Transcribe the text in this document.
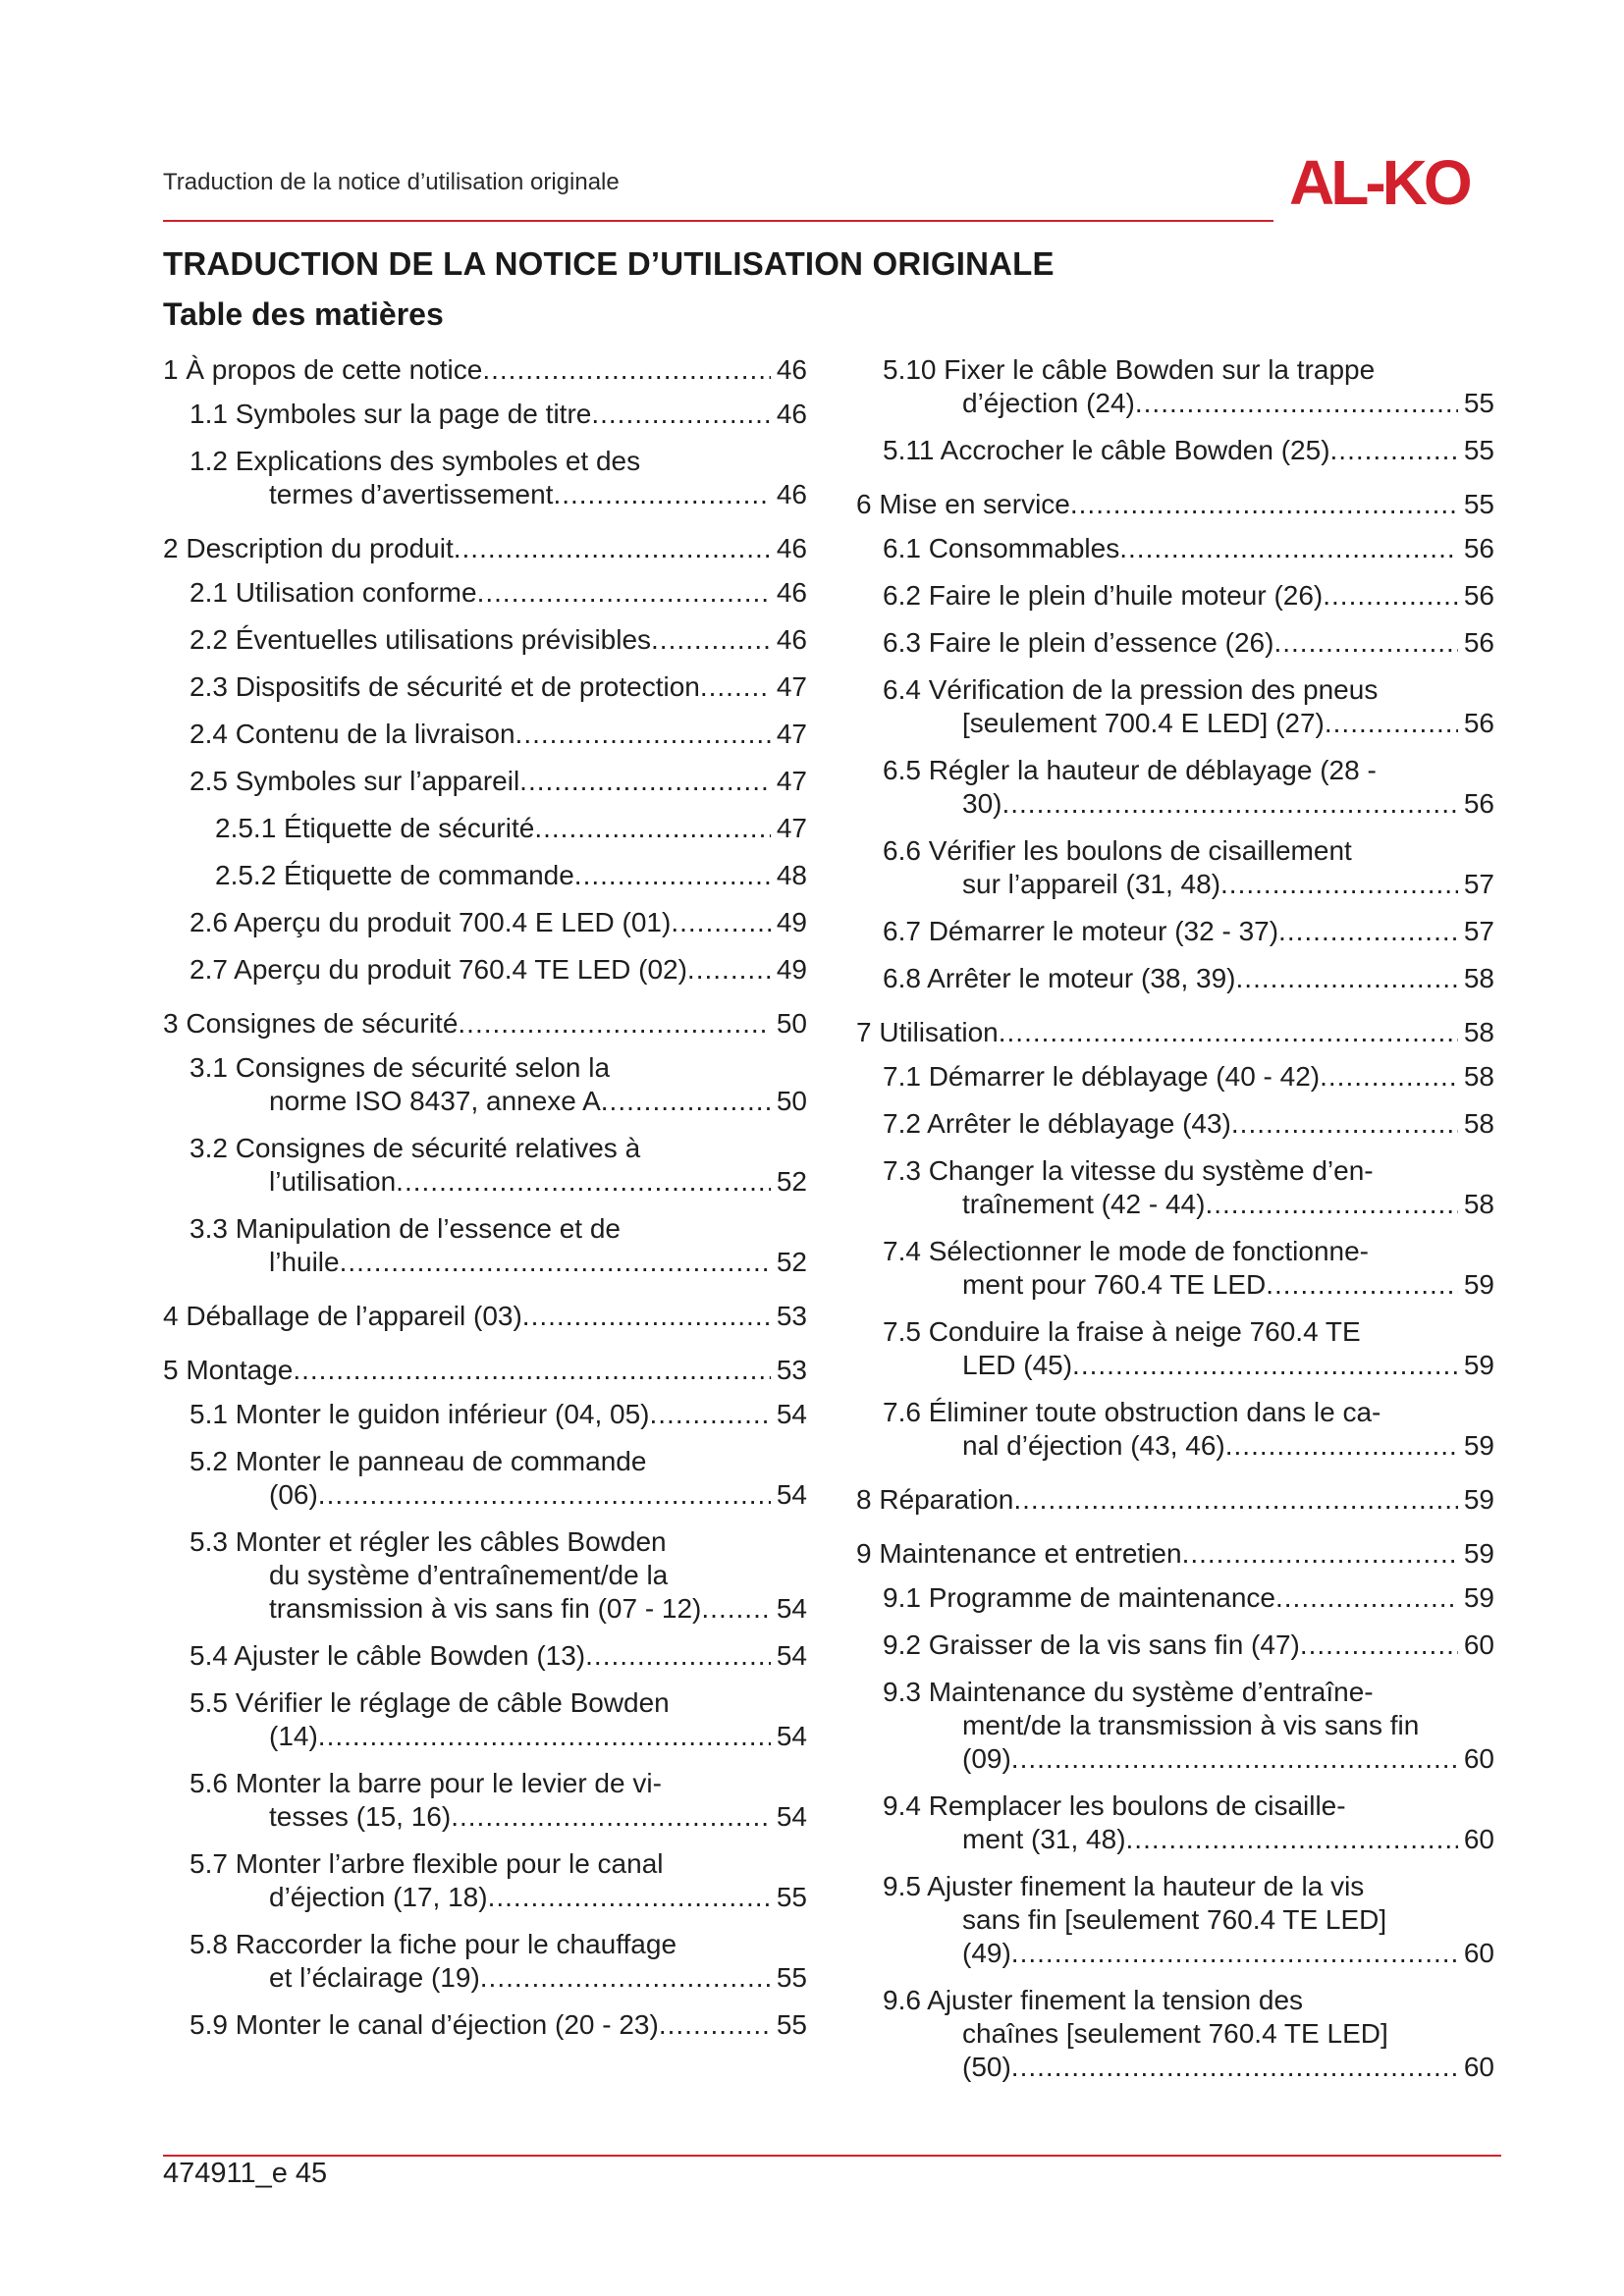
Traduction de la notice d’utilisation originale	AL-KO
TRADUCTION DE LA NOTICE D’UTILISATION ORIGINALE
Table des matières
1 À propos de cette notice .....	46
1.1 Symboles sur la page de titre .....	46
1.2 Explications des symboles et des
termes d’avertissement .....	46
2 Description du produit .....	46
2.1 Utilisation conforme .....	46
2.2 Éventuelles utilisations prévisibles .....	46
2.3 Dispositifs de sécurité et de protection .....	47
2.4 Contenu de la livraison .....	47
2.5 Symboles sur l’appareil .....	47
2.5.1 Étiquette de sécurité .....	47
2.5.2 Étiquette de commande .....	48
2.6 Aperçu du produit 700.4 E LED (01) .....	49
2.7 Aperçu du produit 760.4 TE LED (02) .....	49
3 Consignes de sécurité .....	50
3.1 Consignes de sécurité selon la
norme ISO 8437, annexe A .....	50
3.2 Consignes de sécurité relatives à
l’utilisation .....	52
3.3 Manipulation de l’essence et de
l’huile .....	52
4 Déballage de l’appareil (03) .....	53
5 Montage .....	53
5.1 Monter le guidon inférieur (04, 05) .....	54
5.2 Monter le panneau de commande
(06) .....	54
5.3 Monter et régler les câbles Bowden
du système d’entraînement/de la
transmission à vis sans fin (07 - 12) .....	54
5.4 Ajuster le câble Bowden (13) .....	54
5.5 Vérifier le réglage de câble Bowden
(14) .....	54
5.6 Monter la barre pour le levier de vi-
tesses (15, 16) .....	54
5.7 Monter l’arbre flexible pour le canal
d’éjection (17, 18) .....	55
5.8 Raccorder la fiche pour le chauffage
et l’éclairage (19) .....	55
5.9 Monter le canal d’éjection (20 - 23) .....	55
5.10 Fixer le câble Bowden sur la trappe
d’éjection (24) .....	55
5.11 Accrocher le câble Bowden (25) .....	55
6 Mise en service .....	55
6.1 Consommables .....	56
6.2 Faire le plein d’huile moteur (26) .....	56
6.3 Faire le plein d’essence (26) .....	56
6.4 Vérification de la pression des pneus
[seulement 700.4 E LED] (27) .....	56
6.5 Régler la hauteur de déblayage (28 -
30) .....	56
6.6 Vérifier les boulons de cisaillement
sur l’appareil (31, 48) .....	57
6.7 Démarrer le moteur (32 - 37) .....	57
6.8 Arrêter le moteur (38, 39) .....	58
7 Utilisation .....	58
7.1 Démarrer le déblayage (40 - 42) .....	58
7.2 Arrêter le déblayage (43) .....	58
7.3 Changer la vitesse du système d’en-
traînement (42 - 44) .....	58
7.4 Sélectionner le mode de fonctionne-
ment pour 760.4 TE LED .....	59
7.5 Conduire la fraise à neige 760.4 TE
LED (45) .....	59
7.6 Éliminer toute obstruction dans le ca-
nal d’éjection (43, 46) .....	59
8 Réparation .....	59
9 Maintenance et entretien .....	59
9.1 Programme de maintenance .....	59
9.2 Graisser de la vis sans fin (47) .....	60
9.3 Maintenance du système d’entraîne-
ment/de la transmission à vis sans fin
(09) .....	60
9.4 Remplacer les boulons de cisaille-
ment (31, 48) .....	60
9.5 Ajuster finement la hauteur de la vis
sans fin [seulement 760.4 TE LED]
(49) .....	60
9.6 Ajuster finement la tension des
chaînes [seulement 760.4 TE LED]
(50) .....	60
474911_e 45
